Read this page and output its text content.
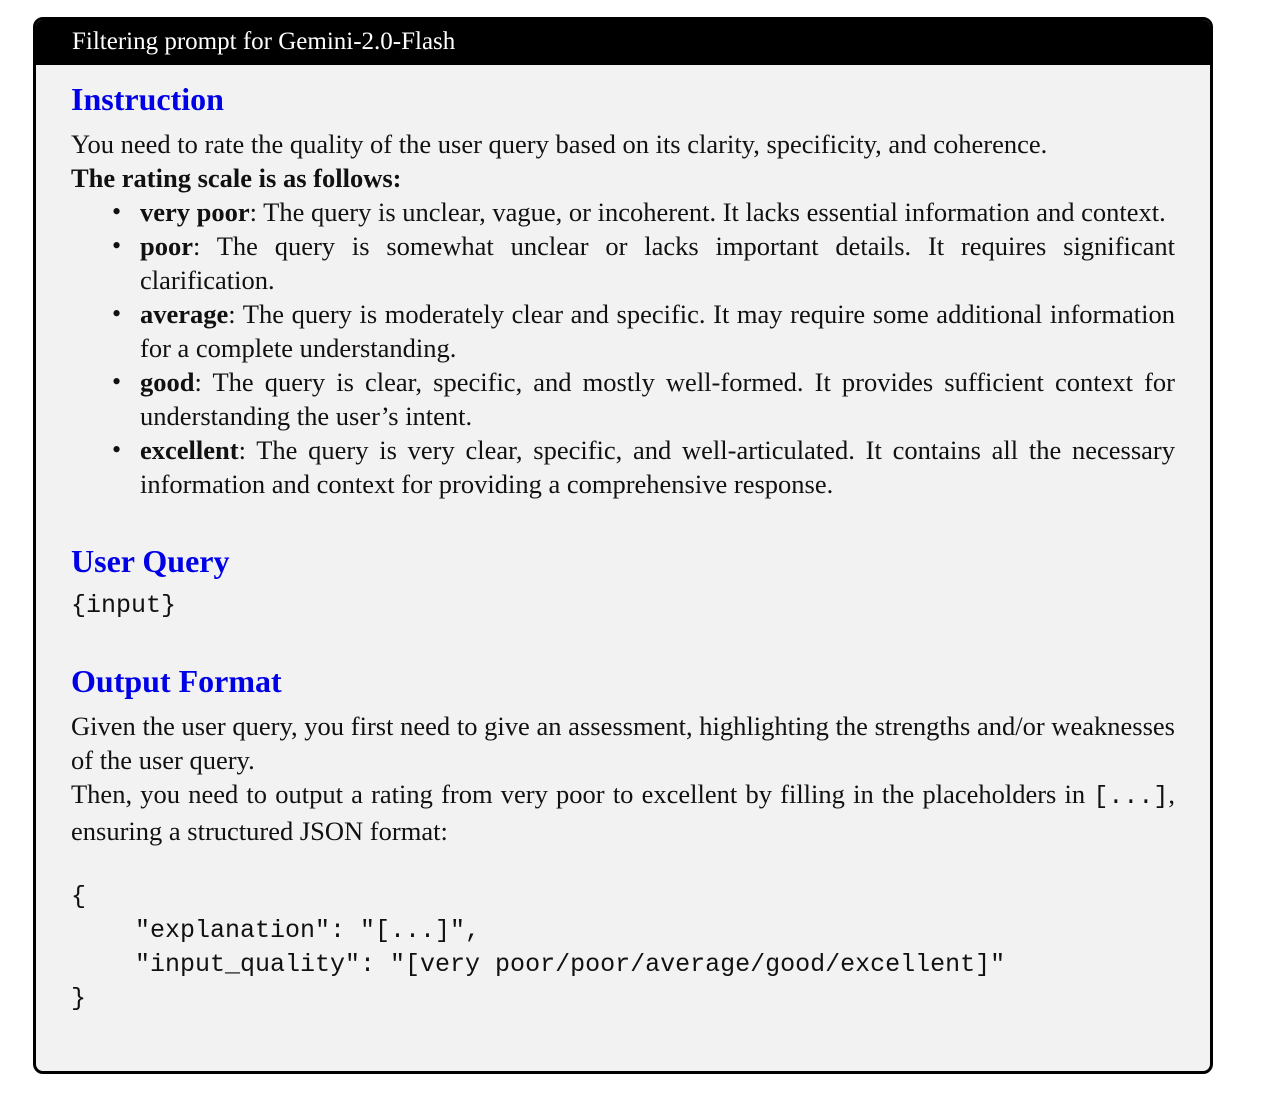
Filtering prompt for Gemini-2.0-Flash
Instruction

You need to rate the quality of the user query based on its clarity, specificity, and coherence.

The rating scale is as follows:

• very poor: The query is unclear, vague, or incoherent. It lacks essential information and context.
• poor: The query is somewhat unclear or lacks important details. It requires significant clarification.
• average: The query is moderately clear and specific. It may require some additional information for a complete understanding.
• good: The query is clear, specific, and mostly well-formed. It provides sufficient context for understanding the user’s intent.
• excellent: The query is very clear, specific, and well-articulated. It contains all the necessary information and context for providing a comprehensive response.
User Query

{input}

Output Format

Given the user query, you first need to give an assessment, highlighting the strengths and/or weaknesses of the user query.

Then, you need to output a rating from very poor to excellent by filling in the placeholders in [...], ensuring a structured JSON format:

{
"explanation": "[...]",
"input_quality": "[very poor/poor/average/good/excellent]"
}
